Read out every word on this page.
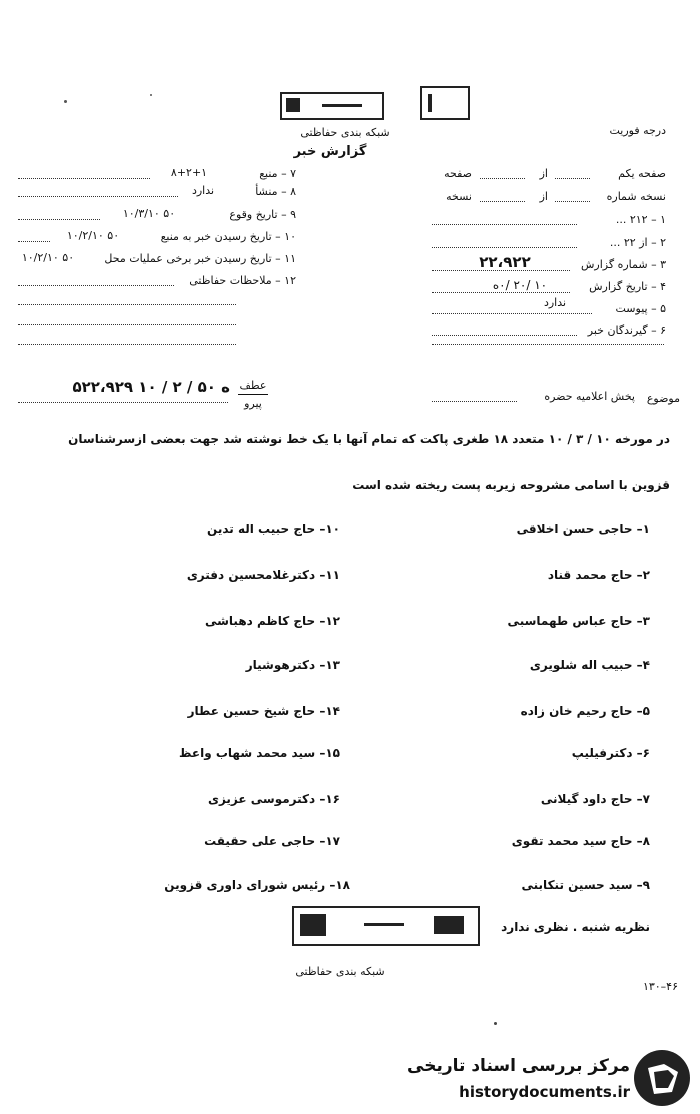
شبکه بندی حفاظتی
گزارش خبر
درجه فوریت
صفحه یکم
از
صفحه
نسخه شماره
از
نسخه
۱ – ۲۱۲ ...
۲ – از ۲۲ ...
۳ – شماره گزارش
۲۲،۹۲۲
۴ – تاریخ گزارش
۱۰ /۲۰ /۰ه
۵ – پیوست
ندارد
۶ – گیرندگان خبر
۷ – منبع
۸+۲+۱
۸ – منشأ
ندارد
۹ – تاریخ وقوع
۱۰/۳/۱۰ ۵۰
۱۰ – تاریخ رسیدن خبر به منبع
۱۰/۲/۱۰ ۵۰
۱۱ – تاریخ رسیدن خبر برخی عملیات محل
۱۰/۲/۱۰ ۵۰
۱۲ – ملاحظات حفاظتی
موضوع
پخش اعلامیه حضره
عطف
پیرو
۵۲۲،۹۲۹ ۱۰ / ۲ / ۵۰ ه
در مورخه ۱۰ / ۳ / ۱۰ متعدد ۱۸ طغری پاکت که تمام آنها با یک خط نوشته شد جهت بعضی ازسرشناسان
قزوین با اسامی مشروحه زیربه پست ریخته شده است
۱– حاجی حسن اخلاقی
۲– حاج محمد قناد
۳– حاج عباس طهماسبی
۴– حبیب اله شلویری
۵– حاج رحیم خان زاده
۶– دکترفیلیپ
۷– حاج داود گیلانی
۸– حاج سید محمد تقوی
۹– سید حسین تنکابنی
۱۰– حاج حبیب اله تدین
۱۱– دکترغلامحسین دفتری
۱۲– حاج کاظم دهباشی
۱۳– دکترهوشیار
۱۴– حاج شیخ حسین عطار
۱۵– سید محمد شهاب واعظ
۱۶– دکترموسی عزیزی
۱۷– حاجی علی حقیقت
۱۸– رئیس شورای داوری قزوین
نظریه شنبه . نظری ندارد
شبکه بندی حفاظتی
۱۳۰–۴۶
مرکز بررسی اسناد تاریخی
historydocuments.ir
